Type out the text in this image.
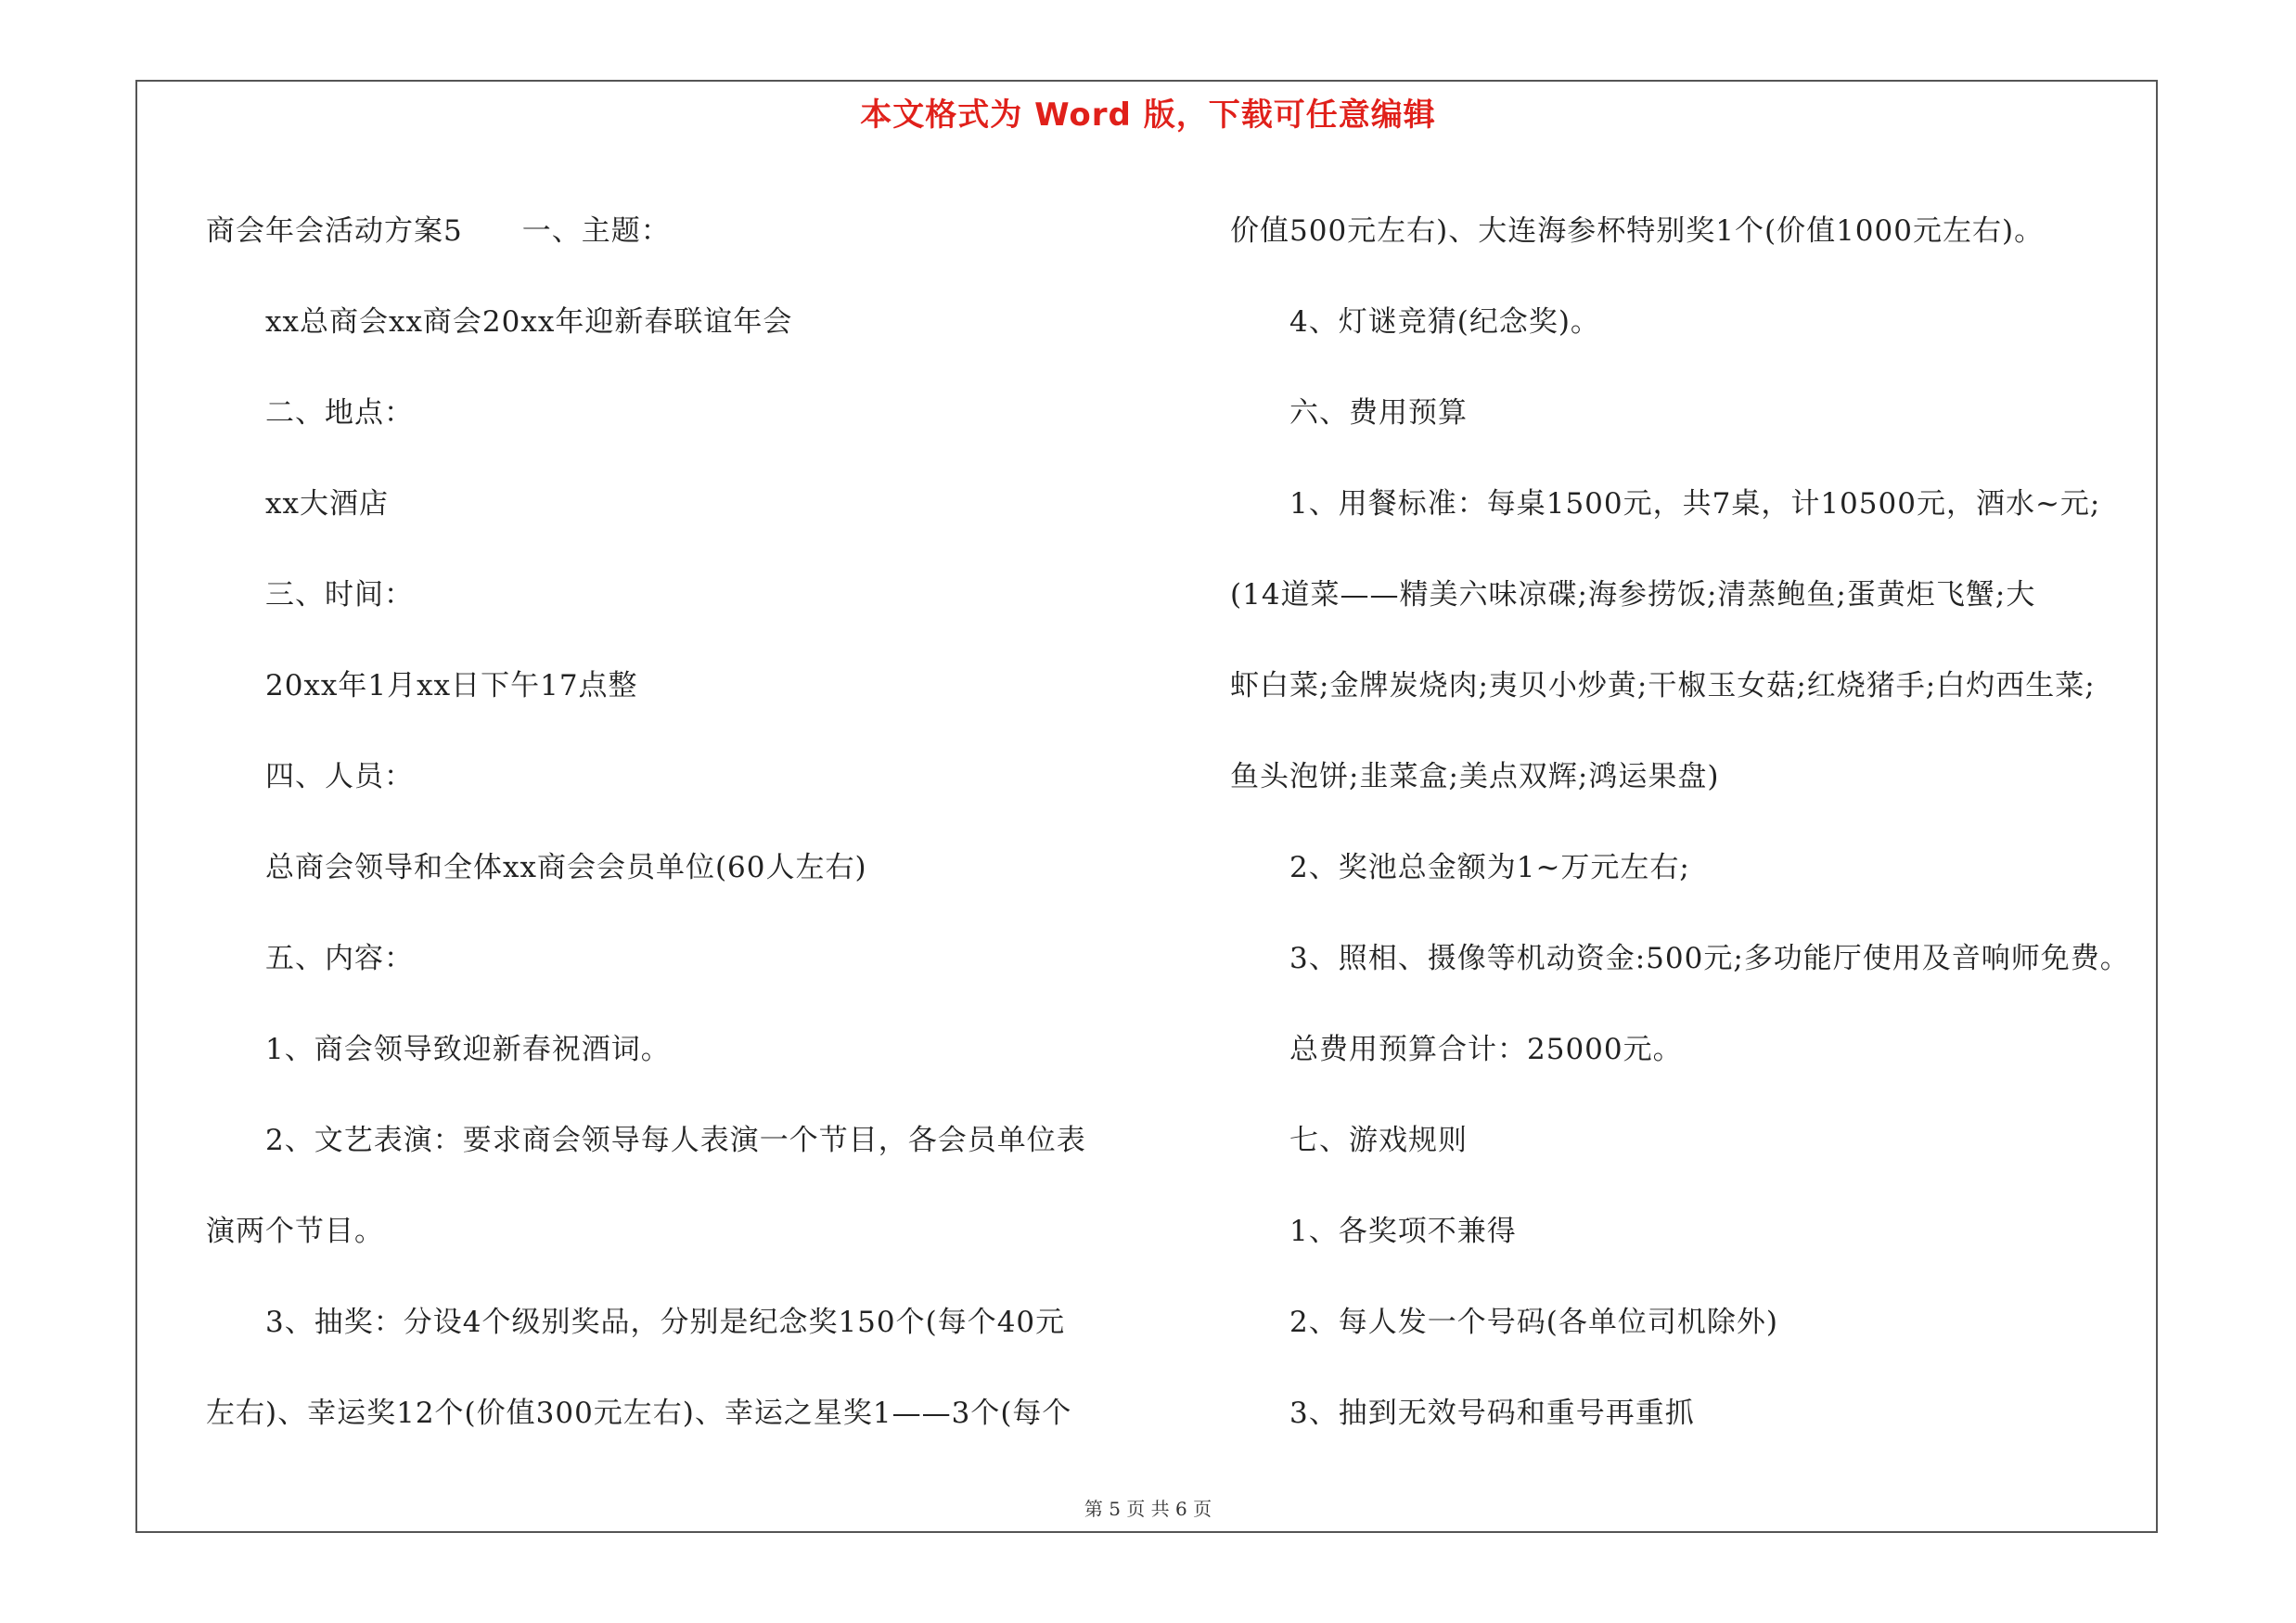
本文格式为 Word 版，下载可任意编辑
商会年会活动方案5　　一、主题：
xx总商会xx商会20xx年迎新春联谊年会
二、地点：
xx大酒店
三、时间：
20xx年1月xx日下午17点整
四、人员：
总商会领导和全体xx商会会员单位(60人左右)
五、内容：
1、商会领导致迎新春祝酒词。
2、文艺表演：要求商会领导每人表演一个节目，各会员单位表
演两个节目。
3、抽奖：分设4个级别奖品，分别是纪念奖150个(每个40元
左右)、幸运奖12个(价值300元左右)、幸运之星奖1——3个(每个
价值500元左右)、大连海参杯特别奖1个(价值1000元左右)。
4、灯谜竞猜(纪念奖)。
六、费用预算
1、用餐标准：每桌1500元，共7桌，计10500元，酒水~元;
(14道菜——精美六味凉碟;海参捞饭;清蒸鲍鱼;蛋黄炬飞蟹;大
虾白菜;金牌炭烧肉;夷贝小炒黄;干椒玉女菇;红烧猪手;白灼西生菜;
鱼头泡饼;韭菜盒;美点双辉;鸿运果盘)
2、奖池总金额为1~万元左右;
3、照相、摄像等机动资金:500元;多功能厅使用及音响师免费。
总费用预算合计：25000元。
七、游戏规则
1、各奖项不兼得
2、每人发一个号码(各单位司机除外)
3、抽到无效号码和重号再重抓
第 5 页 共 6 页
